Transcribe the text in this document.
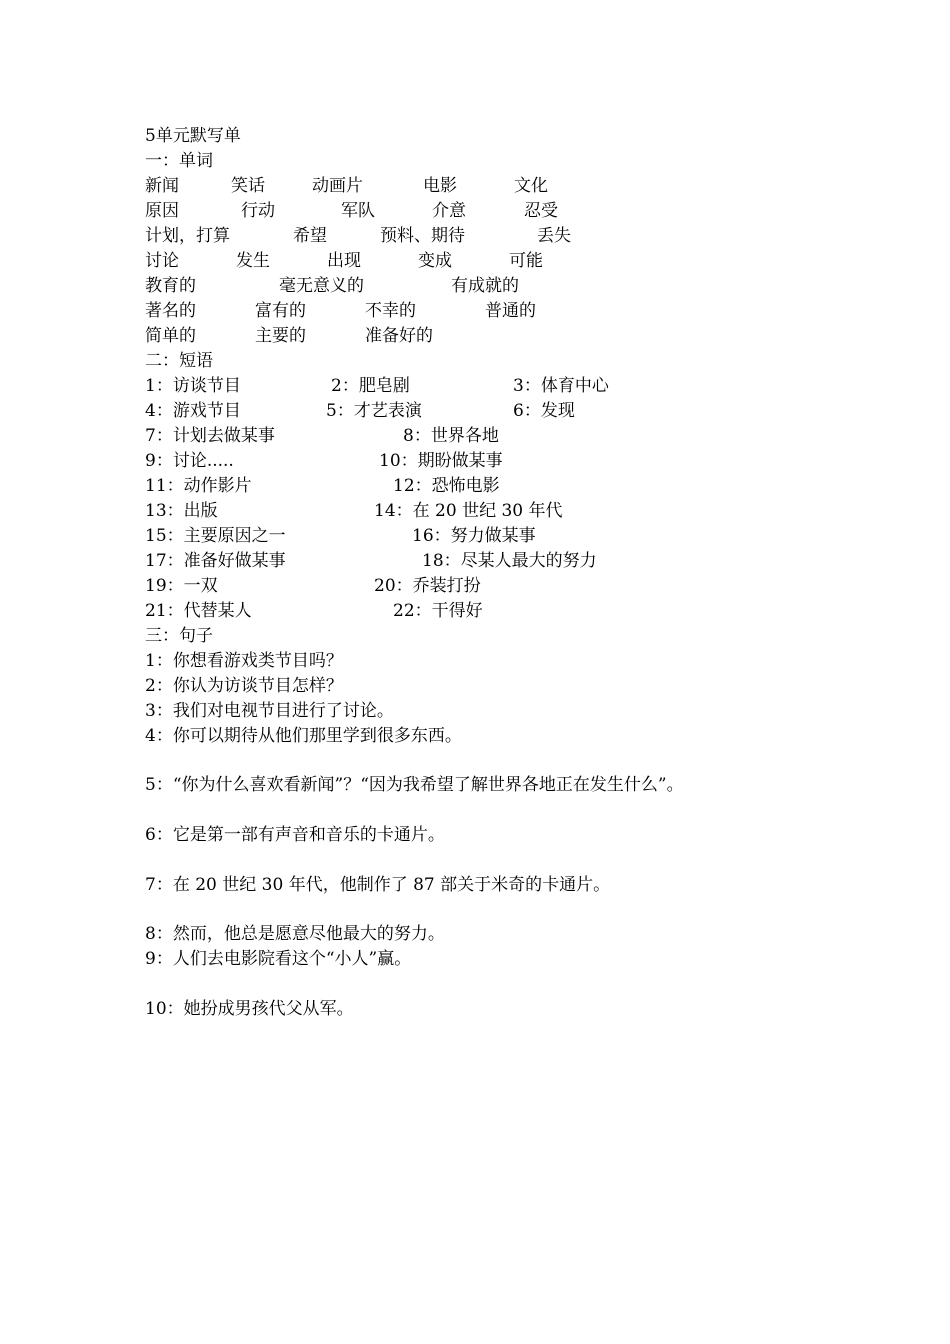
5单元默写单
一：单词
新闻	笑话	动画片	电影	文化
原因	行动	军队	介意	忍受
计划，打算	希望	预料、期待	丢失
讨论	发生	出现	变成	可能
教育的	毫无意义的	有成就的
著名的	富有的	不幸的	普通的
简单的	主要的	准备好的
二：短语
1：访谈节目	2：肥皂剧	3：体育中心
4：游戏节目	5：才艺表演	6：发现
7：计划去做某事	8：世界各地
9：讨论.....	10：期盼做某事
11：动作影片	12：恐怖电影
13：出版	14：在 20 世纪 30 年代
15：主要原因之一	16：努力做某事
17：准备好做某事	18：尽某人最大的努力
19：一双	20：乔装打扮
21：代替某人	22：干得好
三：句子
1：你想看游戏类节目吗？
2：你认为访谈节目怎样？
3：我们对电视节目进行了讨论。
4：你可以期待从他们那里学到很多东西。
5：“你为什么喜欢看新闻”？“因为我希望了解世界各地正在发生什么”。
6：它是第一部有声音和音乐的卡通片。
7：在 20 世纪 30 年代，他制作了 87 部关于米奇的卡通片。
8：然而，他总是愿意尽他最大的努力。
9：人们去电影院看这个“小人”赢。
10：她扮成男孩代父从军。
